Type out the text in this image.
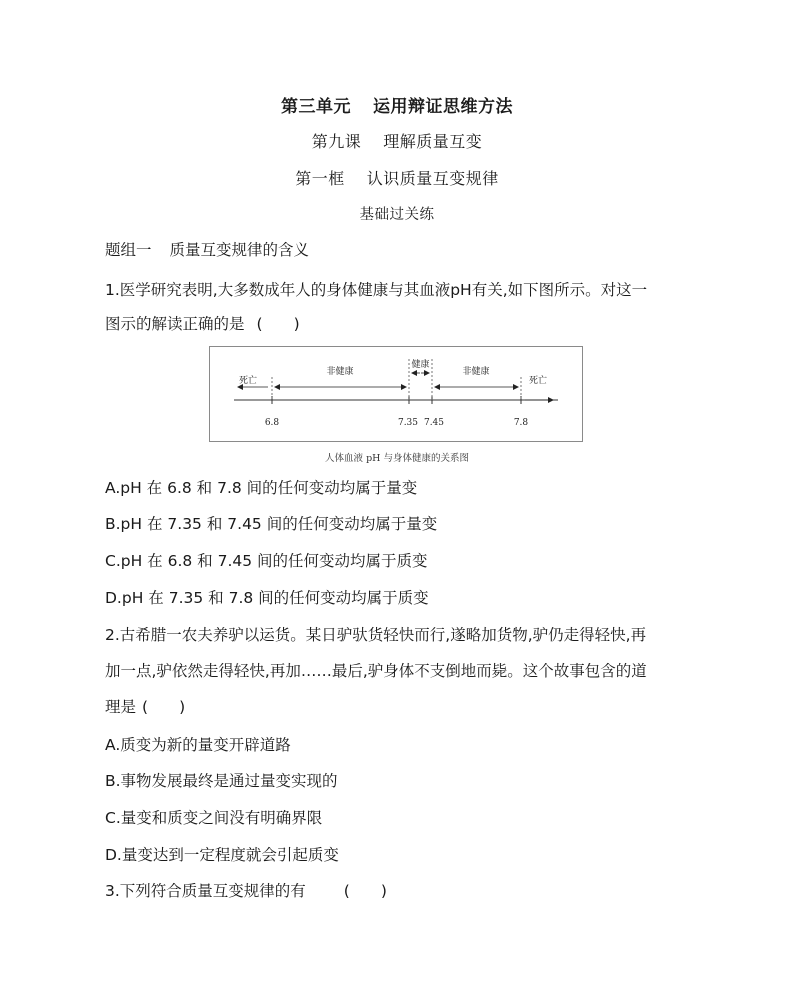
第三单元 运用辩证思维方法
第九课 理解质量互变
第一框 认识质量互变规律
基础过关练
题组一 质量互变规律的含义
1.医学研究表明,大多数成年人的身体健康与其血液pH有关,如下图所示。对这一
图示的解读正确的是 (　　)
死亡
非健康
健康
非健康
死亡
6.8	7.35 7.45	7.8
人体血液 pH 与身体健康的关系图
A.pH 在 6.8 和 7.8 间的任何变动均属于量变
B.pH 在 7.35 和 7.45 间的任何变动均属于量变
C.pH 在 6.8 和 7.45 间的任何变动均属于质变
D.pH 在 7.35 和 7.8 间的任何变动均属于质变
2.古希腊一农夫养驴以运货。某日驴驮货轻快而行,遂略加货物,驴仍走得轻快,再
加一点,驴依然走得轻快,再加……最后,驴身体不支倒地而毙。这个故事包含的道
理是 (　　)
A.质变为新的量变开辟道路
B.事物发展最终是通过量变实现的
C.量变和质变之间没有明确界限
D.量变达到一定程度就会引起质变
3.下列符合质量互变规律的有 (　　)
